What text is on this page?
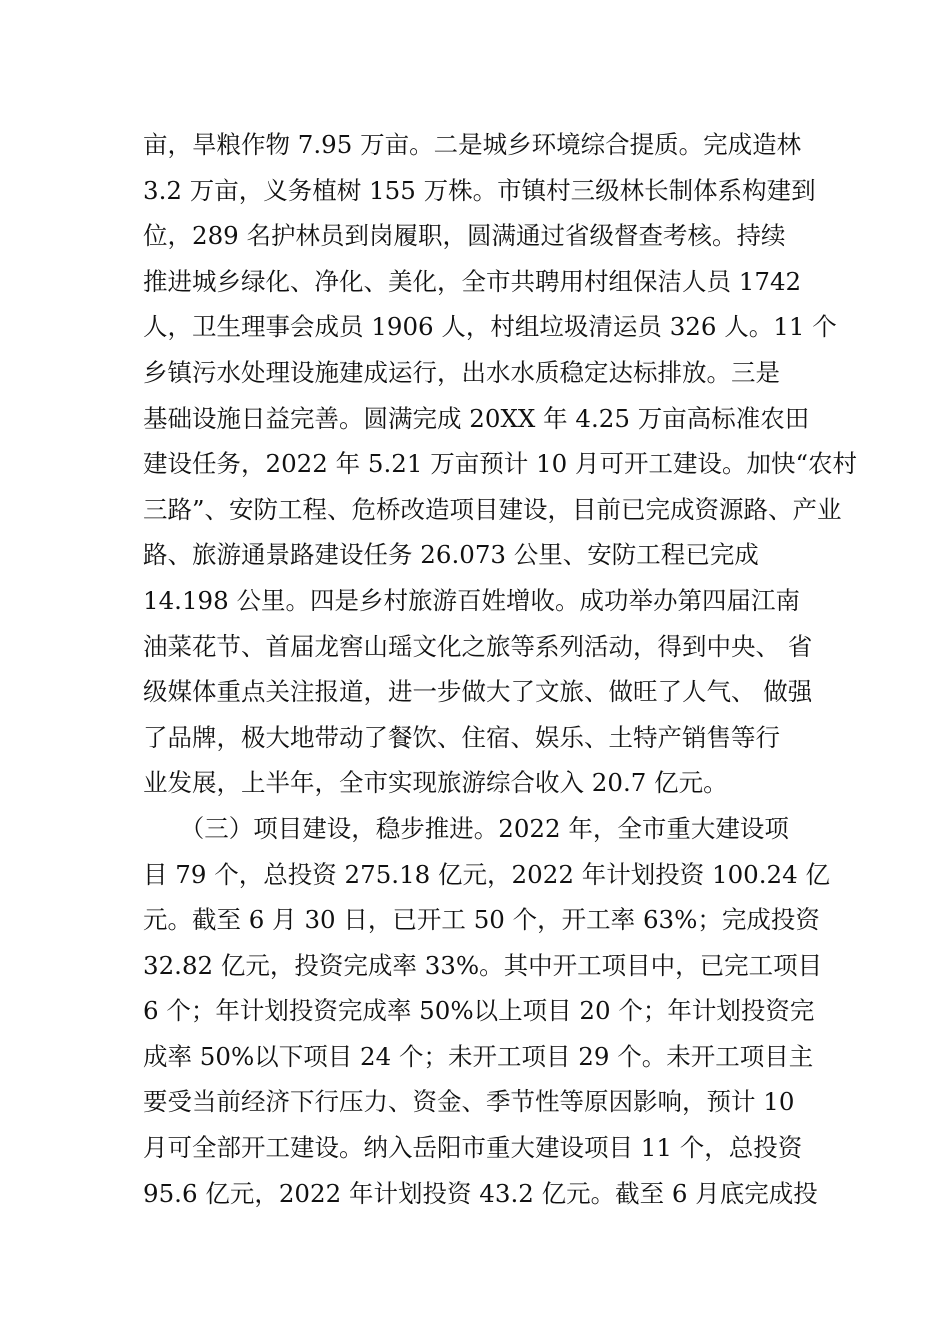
亩，旱粮作物 7.95 万亩。二是城乡环境综合提质。完成造林
3.2 万亩，义务植树 155 万株。市镇村三级林长制体系构建到
位，289 名护林员到岗履职，圆满通过省级督查考核。持续
推进城乡绿化、净化、美化，全市共聘用村组保洁人员 1742
人，卫生理事会成员 1906 人，村组垃圾清运员 326 人。11 个
乡镇污水处理设施建成运行，出水水质稳定达标排放。三是
基础设施日益完善。圆满完成 20XX 年 4.25 万亩高标准农田
建设任务，2022 年 5.21 万亩预计 10 月可开工建设。加快“农村
三路”、安防工程、危桥改造项目建设，目前已完成资源路、产业
路、旅游通景路建设任务 26.073 公里、安防工程已完成
14.198 公里。四是乡村旅游百姓增收。成功举办第四届江南
油菜花节、首届龙窖山瑶文化之旅等系列活动，得到中央、 省
级媒体重点关注报道，进一步做大了文旅、做旺了人气、 做强
了品牌，极大地带动了餐饮、住宿、娱乐、土特产销售等行
业发展，上半年，全市实现旅游综合收入 20.7 亿元。
　　（三）项目建设，稳步推进。2022 年，全市重大建设项
目 79 个，总投资 275.18 亿元，2022 年计划投资 100.24 亿
元。截至 6 月 30 日，已开工 50 个，开工率 63%；完成投资
32.82 亿元，投资完成率 33%。其中开工项目中，已完工项目
6 个；年计划投资完成率 50%以上项目 20 个；年计划投资完
成率 50%以下项目 24 个；未开工项目 29 个。未开工项目主
要受当前经济下行压力、资金、季节性等原因影响，预计 10
月可全部开工建设。纳入岳阳市重大建设项目 11 个，总投资
95.6 亿元，2022 年计划投资 43.2 亿元。截至 6 月底完成投
